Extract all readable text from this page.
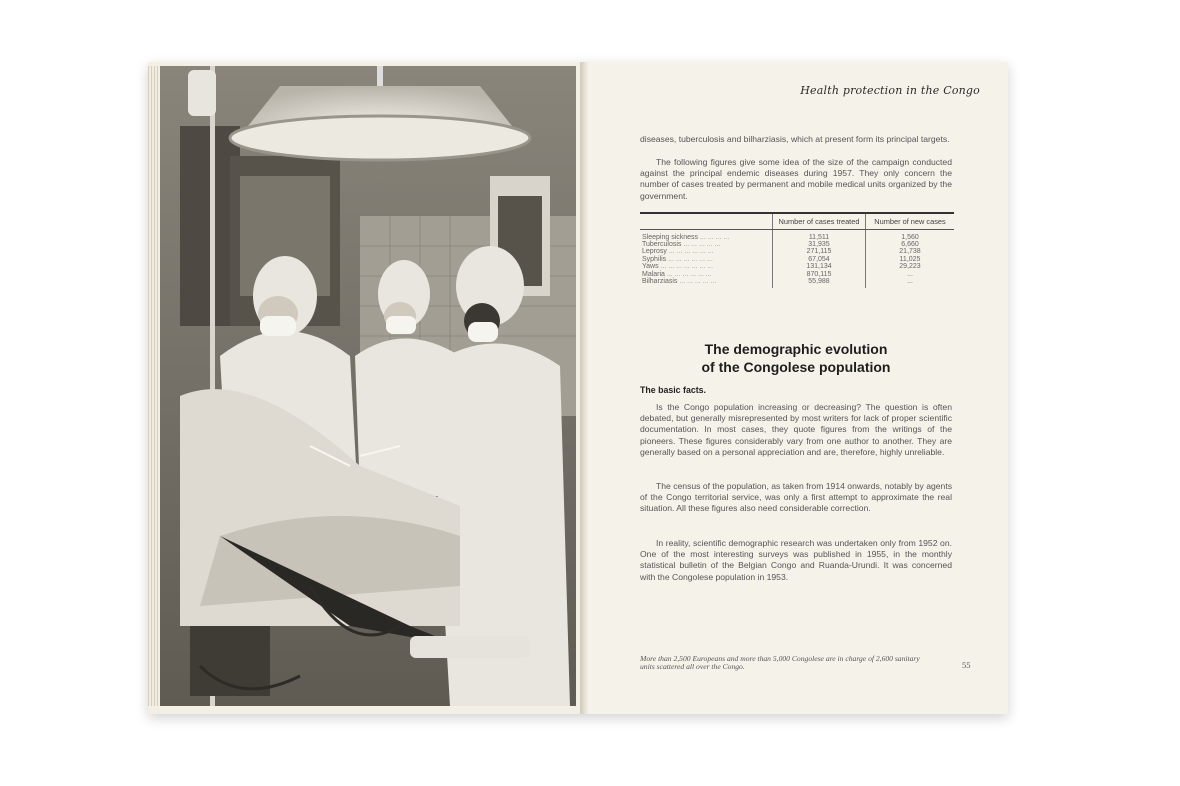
Health protection in the Congo

diseases, tuberculosis and bilharziasis, which at present form its principal targets.

The following figures give some idea of the size of the campaign conducted against the principal endemic diseases during 1957. They only concern the number of cases treated by permanent and mobile medical units organized by the government.

	Number of cases treated	Number of new cases
Sleeping sickness ... ... ... ...	11,511	1,560
Tuberculosis ... ... ... ... ...	31,935	6,660
Leprosy ... ... ... ... ... ...	271,115	21,738
Syphilis ... ... ... ... ... ...	67,054	11,025
Yaws ... ... ... ... ... ... ...	131,134	29,223
Malaria ... ... ... ... ... ...	870,115	...
Bilharziasis ... ... ... ... ...	55,988	...
The demographic evolution
of the Congolese population
The basic facts.

Is the Congo population increasing or decreasing? The question is often debated, but generally misrepresented by most writers for lack of proper scientific documentation. In most cases, they quote figures from the writings of the pioneers. These figures considerably vary from one author to another. They are generally based on a personal appreciation and are, therefore, highly unreliable.

The census of the population, as taken from 1914 onwards, notably by agents of the Congo territorial service, was only a first attempt to approximate the real situation. All these figures also need considerable correction.

In reality, scientific demographic research was undertaken only from 1952 on. One of the most interesting surveys was published in 1955, in the monthly statistical bulletin of the Belgian Congo and Ruanda-Urundi. It was concerned with the Congolese population in 1953.

More than 2,500 Europeans and more than 5,000 Congolese are in charge of 2,600 sanitary units scattered all over the Congo.	55
